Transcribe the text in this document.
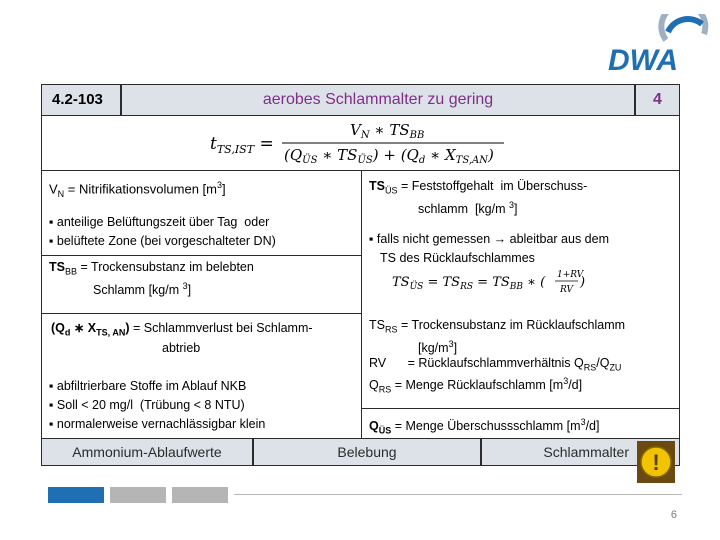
DWA
4.2-103	aerobes Schlammalter zu gering	4
$t_{TS,IST}$ =
$V_N$ ∗ $TS_{BB}$
($Q_{ÜS}$ ∗ $TS_{ÜS}) + (Q_d$ ∗ $X_{TS,AN}$)
$V_N$ = Nitrifikationsvolumen $[m^3]$
▪ anteilige Belüftungszeit über Tag  oder
▪ belüftete Zone (bei vorgeschalteter DN)
$TS_{BB}$ = Trockensubstanz im belebten
Schlamm [kg/m $^3$]
($Q_d$ ∗ $X_{TS, AN}$) = Schlammverlust bei Schlamm-
abtrieb
▪ abfiltrierbare Stoffe im Ablauf NKB
▪ Soll < 20 mg/l  (Trübung < 8 NTU)
▪ normalerweise vernachlässigbar klein
$TS_{ÜS}$ = Feststoffgehalt  im Überschuss-
schlamm  [kg/m $^3$]
▪ falls nicht gemessen → ableitbar aus dem
TS des Rücklaufschlammes
$TS_{ÜS} = TS_{RS} = TS_{BB}$ ∗ ( 1+RV
RV )
$TS_{RS}$ = Trockensubstanz im Rücklaufschlamm
$[kg/m^3]$
RV = Rücklaufschlammverhältnis $Q_{RS}/Q_{ZU}$
$Q_{RS}$ = Menge Rücklaufschlamm $[m^3/d]$
$Q_{ÜS}$ = Menge Überschussschlamm $[m^3/d]$
Ammonium-Ablaufwerte	Belebung	Schlammalter	!
6
